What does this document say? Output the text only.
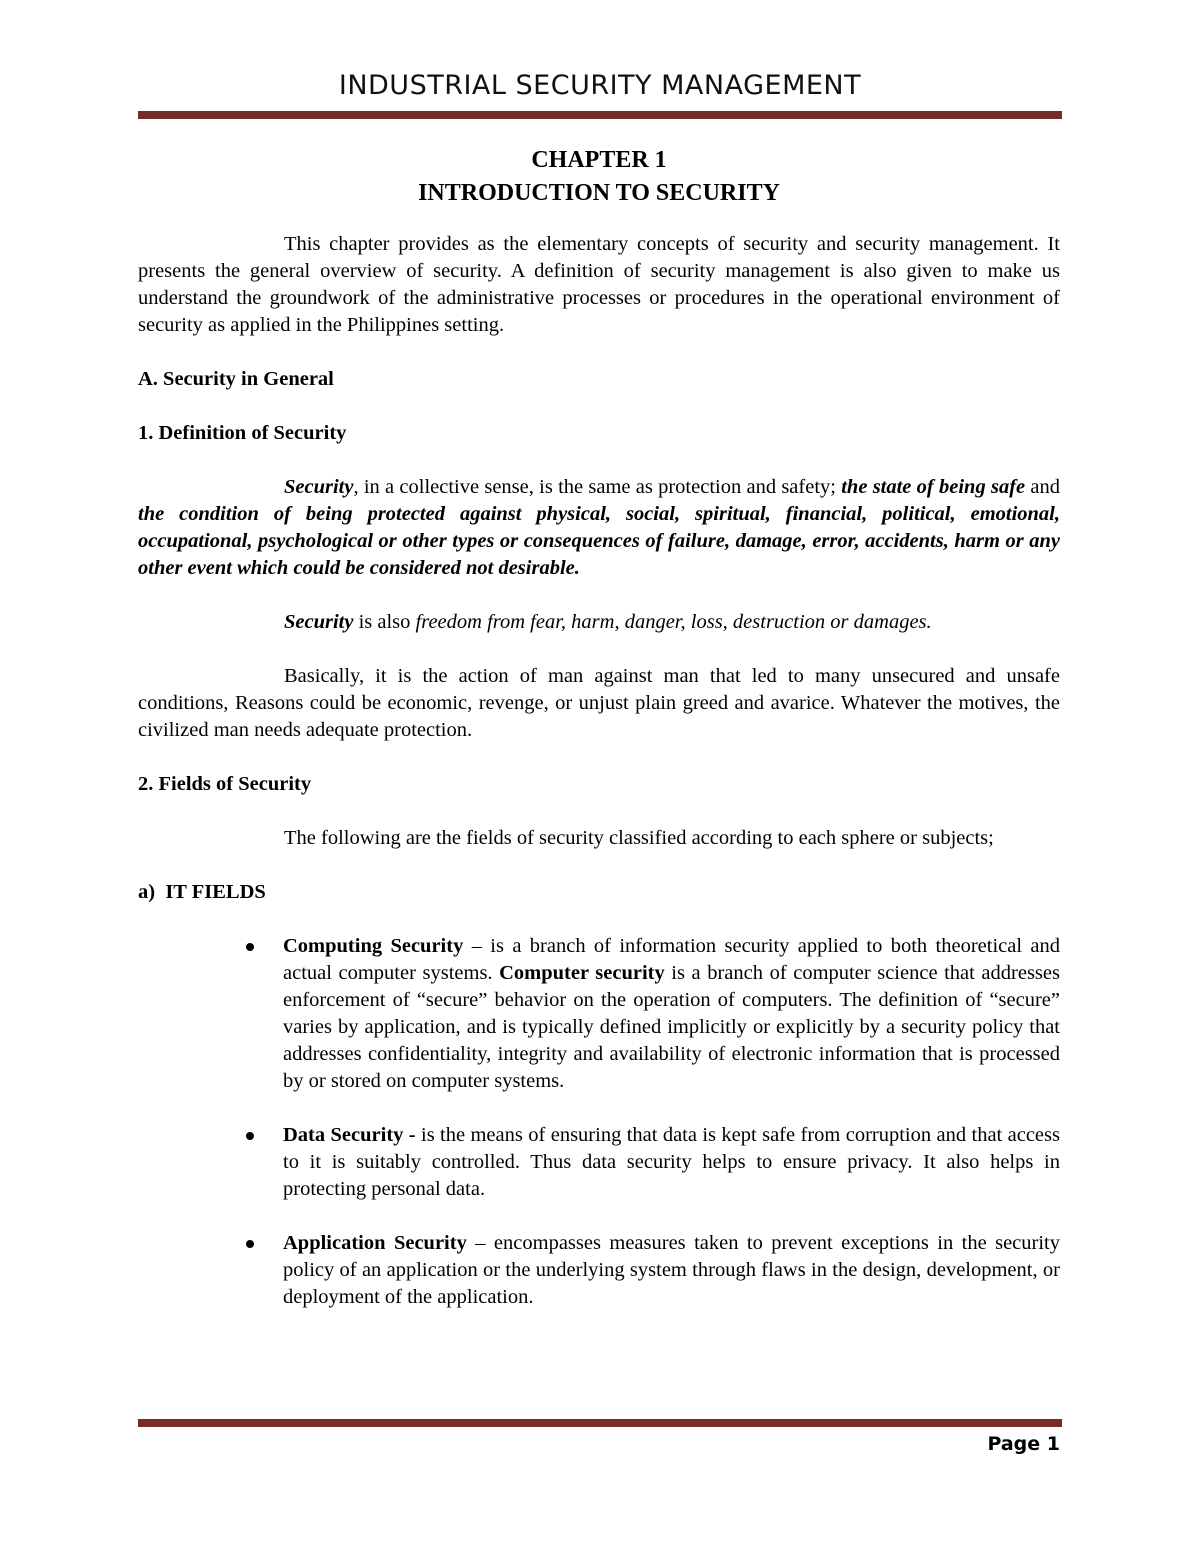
INDUSTRIAL SECURITY MANAGEMENT
CHAPTER 1
INTRODUCTION TO SECURITY

This chapter provides as the elementary concepts of security and security management. It presents the general overview of security. A definition of security management is also given to make us understand the groundwork of the administrative processes or procedures in the operational environment of security as applied in the Philippines setting.

A. Security in General
1. Definition of Security

Security, in a collective sense, is the same as protection and safety; the state of being safe and the condition of being protected against physical, social, spiritual, financial, political, emotional, occupational, psychological or other types or consequences of failure, damage, error, accidents, harm or any other event which could be considered not desirable.

Security is also freedom from fear, harm, danger, loss, destruction or damages.

Basically, it is the action of man against man that led to many unsecured and unsafe conditions, Reasons could be economic, revenge, or unjust plain greed and avarice. Whatever the motives, the civilized man needs adequate protection.

2. Fields of Security

The following are the fields of security classified according to each sphere or subjects;

a)  IT FIELDS
Computing Security – is a branch of information security applied to both theoretical and actual computer systems. Computer security is a branch of computer science that addresses enforcement of “secure” behavior on the operation of computers. The definition of “secure” varies by application, and is typically defined implicitly or explicitly by a security policy that addresses confidentiality, integrity and availability of electronic information that is processed by or stored on computer systems.
Data Security - is the means of ensuring that data is kept safe from corruption and that access to it is suitably controlled. Thus data security helps to ensure privacy. It also helps in protecting personal data.
Application Security – encompasses measures taken to prevent exceptions in the security policy of an application or the underlying system through flaws in the design, development, or deployment of the application.
Page 1
